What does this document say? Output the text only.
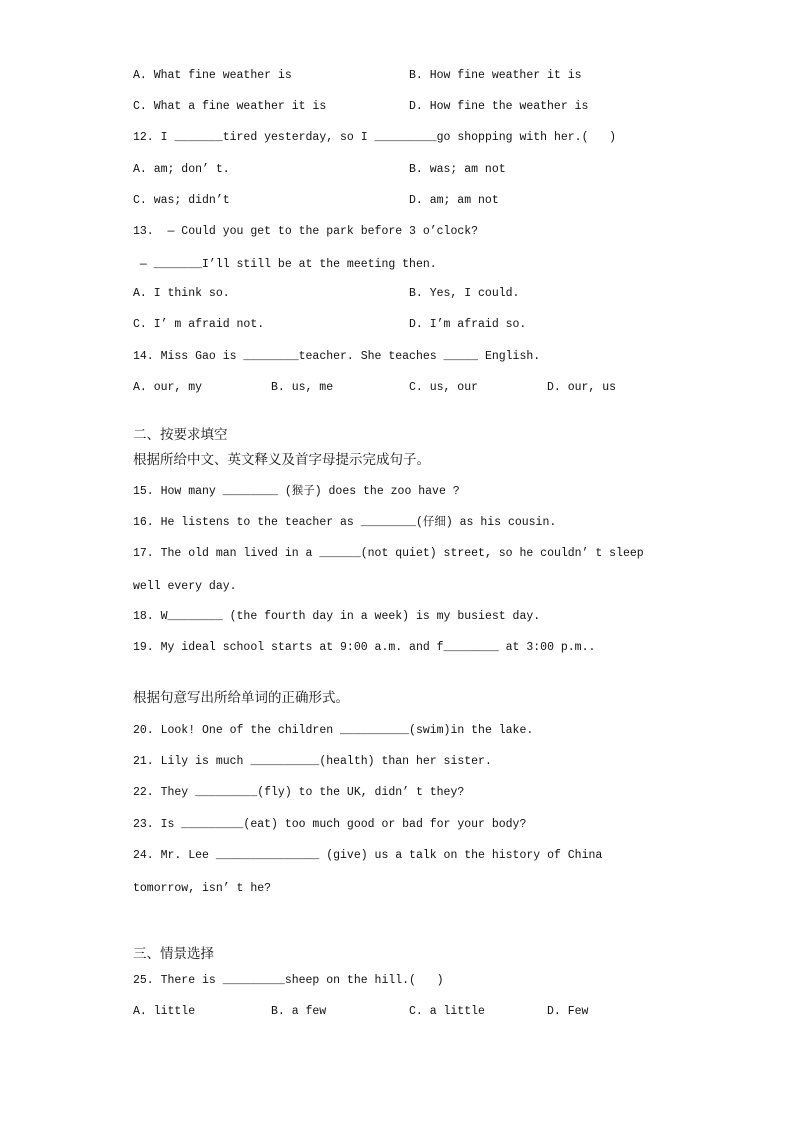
A. What fine weather is	B. How fine weather it is
C. What a fine weather it is	D. How fine the weather is
12. I _______tired yesterday, so I _________go shopping with her.(   )
A. am; don’ t.	B. was; am not
C. was; didn’t	D. am; am not
13.  — Could you get to the park before 3 o’clock?
— _______I’ll still be at the meeting then.
A. I think so.	B. Yes, I could.
C. I’ m afraid not.	D. I’m afraid so.
14. Miss Gao is ________teacher. She teaches _____ English.
A. our, my	B. us, me	C. us, our	D. our, us
二、按要求填空
根据所给中文、英文释义及首字母提示完成句子。
15. How many ________ (猴子) does the zoo have ?
16. He listens to the teacher as ________(仔细) as his cousin.
17. The old man lived in a ______(not quiet) street, so he couldn’ t sleep
well every day.
18. W________ (the fourth day in a week) is my busiest day.
19. My ideal school starts at 9:00 a.m. and f________ at 3:00 p.m..
根据句意写出所给单词的正确形式。
20. Look! One of the children __________(swim)in the lake.
21. Lily is much __________(health) than her sister.
22. They _________(fly) to the UK, didn’ t they?
23. Is _________(eat) too much good or bad for your body?
24. Mr. Lee _______________ (give) us a talk on the history of China
tomorrow, isn’ t he?
三、情景选择
25. There is _________sheep on the hill.(   )
A. little	B. a few	C. a little	D. Few
